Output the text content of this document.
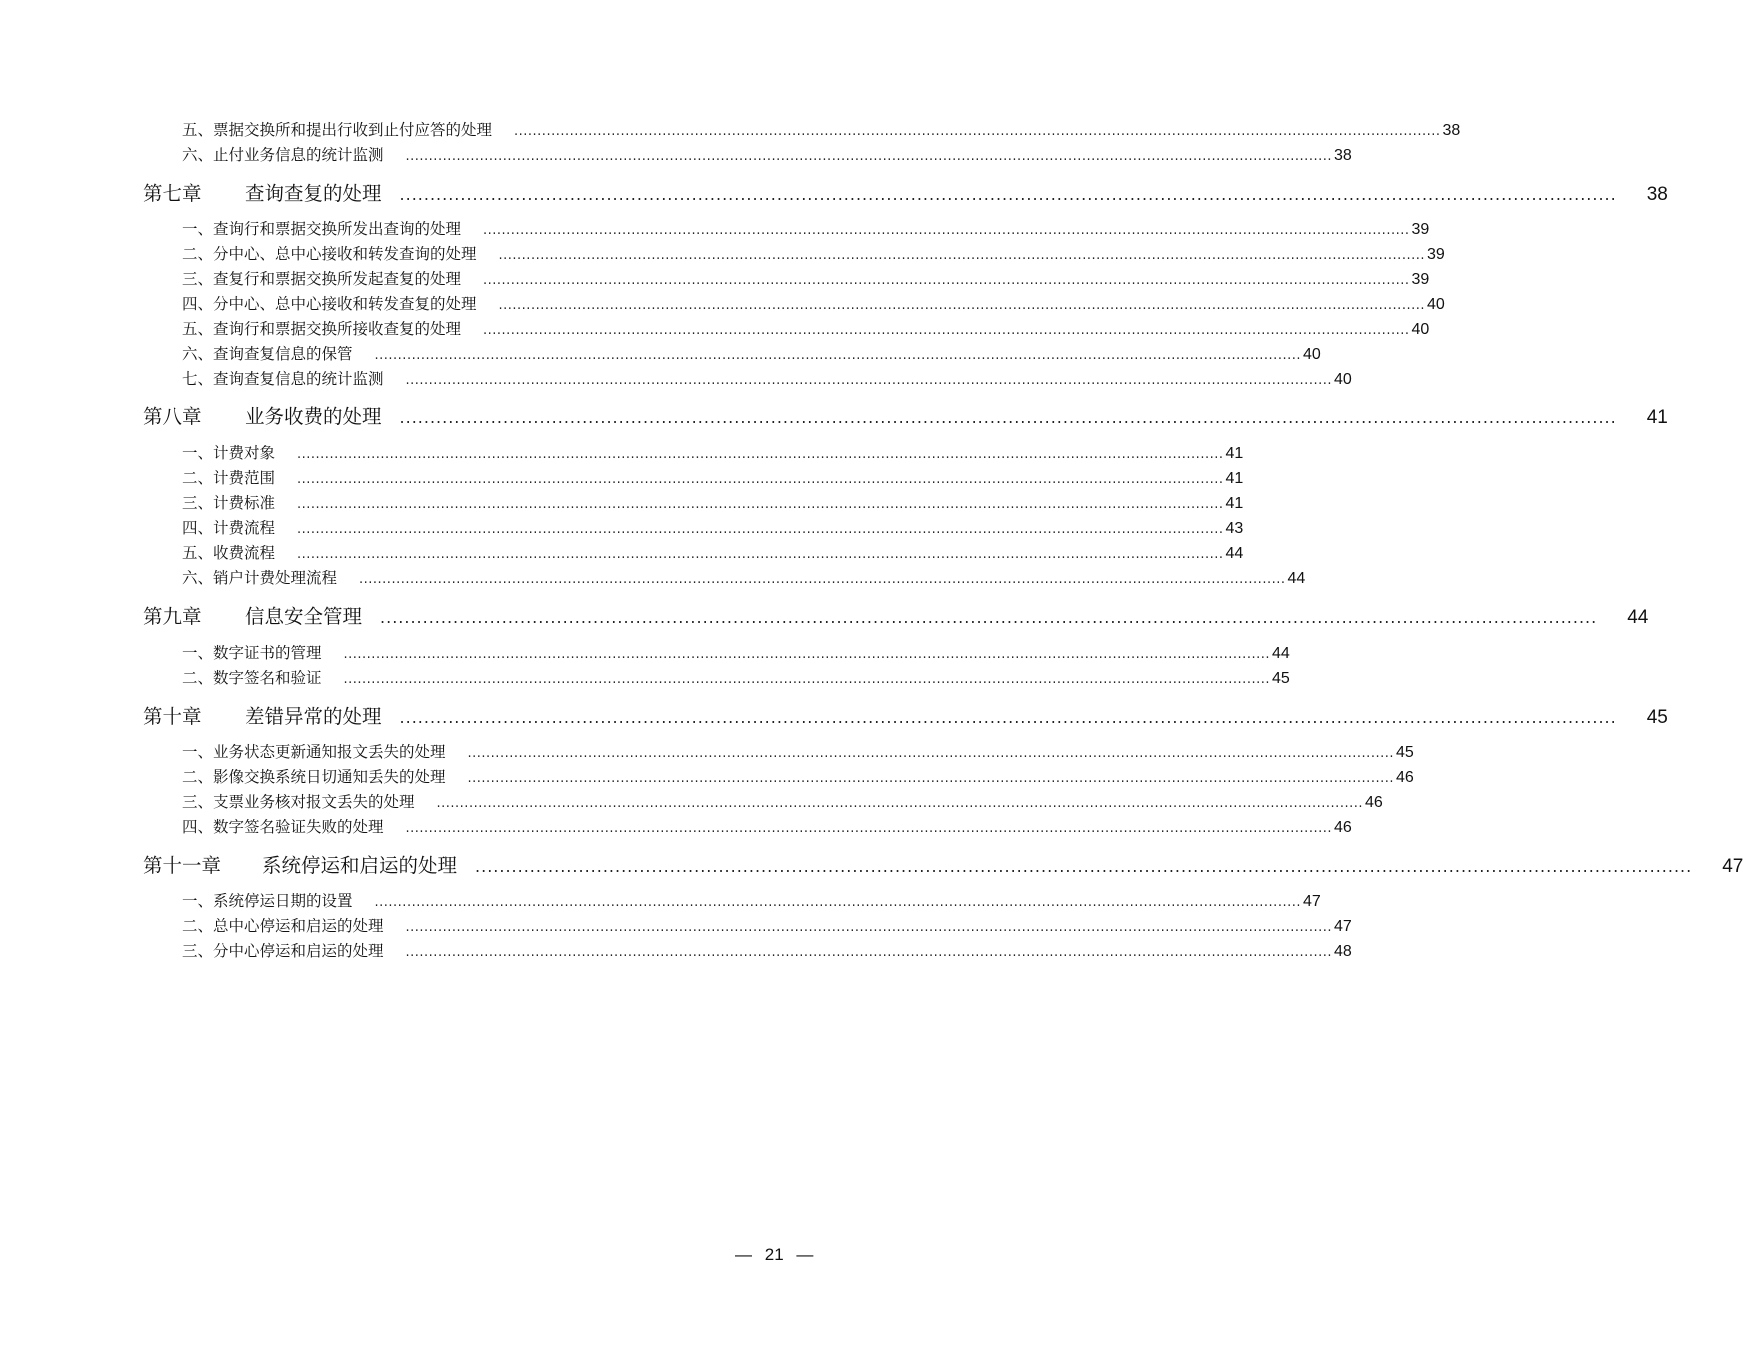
五、票据交换所和提出行收到止付应答的处理 ........................................................................................................................................................................................................ 38
六、止付业务信息的统计监测 ........................................................................................................................................................................................................ 38
第七章 查询查复的处理 ........................................................................................................................................................................................................ 38
一、查询行和票据交换所发出查询的处理 ........................................................................................................................................................................................................ 39
二、分中心、总中心接收和转发查询的处理 ........................................................................................................................................................................................................ 39
三、查复行和票据交换所发起查复的处理 ........................................................................................................................................................................................................ 39
四、分中心、总中心接收和转发查复的处理 ........................................................................................................................................................................................................ 40
五、查询行和票据交换所接收查复的处理 ........................................................................................................................................................................................................ 40
六、查询查复信息的保管 ........................................................................................................................................................................................................ 40
七、查询查复信息的统计监测 ........................................................................................................................................................................................................ 40
第八章 业务收费的处理 ........................................................................................................................................................................................................ 41
一、计费对象 ........................................................................................................................................................................................................ 41
二、计费范围 ........................................................................................................................................................................................................ 41
三、计费标准 ........................................................................................................................................................................................................ 41
四、计费流程 ........................................................................................................................................................................................................ 43
五、收费流程 ........................................................................................................................................................................................................ 44
六、销户计费处理流程 ........................................................................................................................................................................................................ 44
第九章 信息安全管理 ........................................................................................................................................................................................................ 44
一、数字证书的管理 ........................................................................................................................................................................................................ 44
二、数字签名和验证 ........................................................................................................................................................................................................ 45
第十章 差错异常的处理 ........................................................................................................................................................................................................ 45
一、业务状态更新通知报文丢失的处理 ........................................................................................................................................................................................................ 45
二、影像交换系统日切通知丢失的处理 ........................................................................................................................................................................................................ 46
三、支票业务核对报文丢失的处理 ........................................................................................................................................................................................................ 46
四、数字签名验证失败的处理 ........................................................................................................................................................................................................ 46
第十一章 系统停运和启运的处理 ........................................................................................................................................................................................................ 47
一、系统停运日期的设置 ........................................................................................................................................................................................................ 47
二、总中心停运和启运的处理 ........................................................................................................................................................................................................ 47
三、分中心停运和启运的处理 ........................................................................................................................................................................................................ 48
— 21 —
